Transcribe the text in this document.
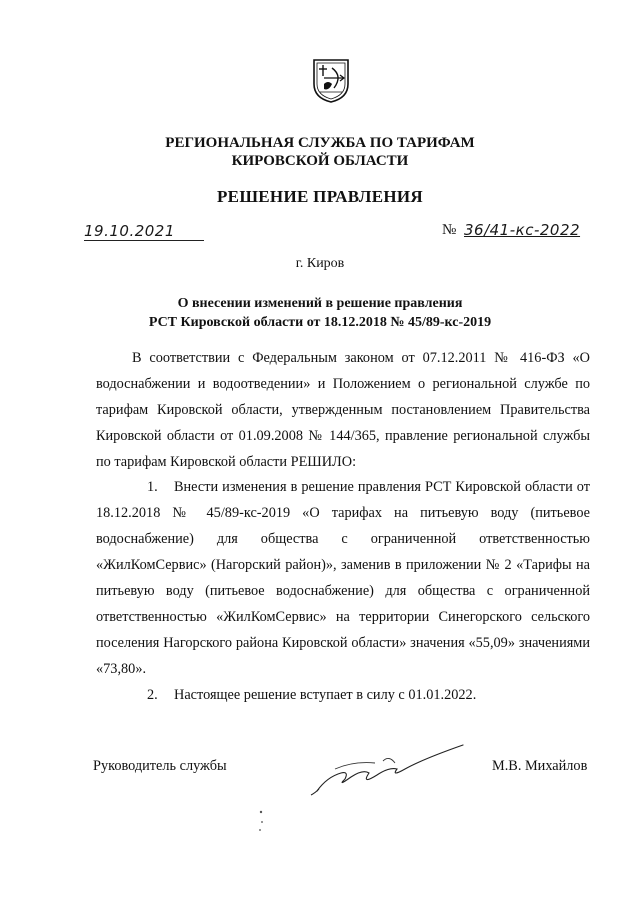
РЕГИОНАЛЬНАЯ СЛУЖБА ПО ТАРИФАМ
КИРОВСКОЙ ОБЛАСТИ
РЕШЕНИЕ ПРАВЛЕНИЯ
19.10.2021	№ 36/41-кс-2022
г. Киров
О внесении изменений в решение правления
РСТ Кировской области от 18.12.2018 № 45/89-кс-2019
В соответствии с Федеральным законом от 07.12.2011 № 416-ФЗ «О водоснабжении и водоотведении» и Положением о региональной службе по тарифам Кировской области, утвержденным постановлением Правительства Кировской области от 01.09.2008 № 144/365, правление региональной службы по тарифам Кировской области РЕШИЛО:
1. Внести изменения в решение правления РСТ Кировской области от 18.12.2018 № 45/89-кс-2019 «О тарифах на питьевую воду (питьевое водоснабжение) для общества с ограниченной ответственностью «ЖилКомСервис» (Нагорский район)», заменив в приложении № 2 «Тарифы на питьевую воду (питьевое водоснабжение) для общества с ограниченной ответственностью «ЖилКомСервис» на территории Синегорского сельского поселения Нагорского района Кировской области» значения «55,09» значениями «73,80».
2. Настоящее решение вступает в силу с 01.01.2022.
Руководитель службы	М.В. Михайлов
